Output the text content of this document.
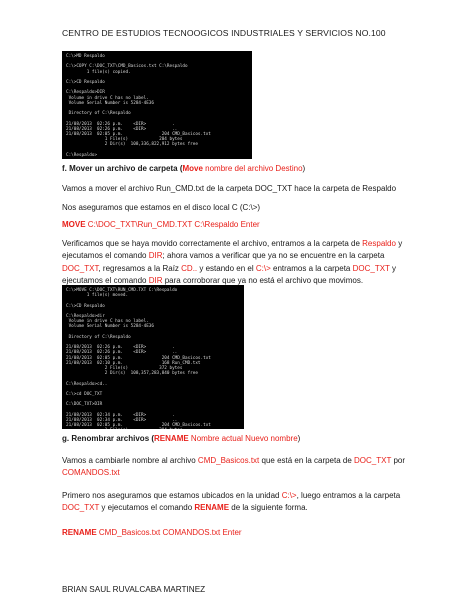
CENTRO DE ESTUDIOS TECNOOGICOS INDUSTRIALES Y SERVICIOS NO.100
C:\>MD Respaldo

C:\>COPY C:\DOC_TXT\CMD_Basicos.txt C:\Respaldo
1 file(s) copied.

C:\>CD Respaldo

C:\Respaldo>DIR
Volume in drive C has no label.
Volume Serial Number is 5284-4E36

Directory of C:\Respaldo

21/08/2013  02:26 p.m.    <DIR>          .
21/08/2013  02:26 p.m.    <DIR>          ..
21/08/2013  02:05 p.m.               204 CMD_Basicos.txt
1 File(s)            204 bytes
2 Dir(s)  108,336,822,912 bytes free

C:\Respaldo>
f. Mover un archivo de carpeta (Move nombre del archivo Destino)
Vamos a mover el archivo Run_CMD.txt de la carpeta DOC_TXT hace la carpeta de Respaldo
Nos aseguramos que estamos en el disco local C (C:\>)
MOVE C:\DOC_TXT\Run_CMD.TXT C:\Respaldo Enter
Verificamos que se haya movido correctamente el archivo, entramos a la carpeta de Respaldo y ejecutamos el comando DIR; ahora vamos a verificar que ya no se encuentre en la carpeta DOC_TXT, regresamos a la Raíz CD.. y estando en el C:\> entramos a la carpeta DOC_TXT y ejecutamos el comando DIR para corroborar que ya no está el archivo que movimos.
C:\>MOVE C:\DOC_TXT\RUN_CMD.TXT C:\Respaldo
1 file(s) moved.

C:\>CD Respaldo

C:\Respaldo>dir
Volume in drive C has no label.
Volume Serial Number is 5284-4E36

Directory of C:\Respaldo

21/08/2013  02:26 p.m.    <DIR>          .
21/08/2013  02:26 p.m.    <DIR>          ..
21/08/2013  02:05 p.m.               204 CMD_Basicos.txt
21/08/2013  02:10 p.m.               168 Run_CMD.txt
2 File(s)            372 bytes
2 Dir(s)  108,357,283,840 bytes free

C:\Respaldo>cd..

C:\>cd DOC_TXT

C:\DOC_TXT>DIR

21/08/2013  02:34 p.m.    <DIR>          .
21/08/2013  02:34 p.m.    <DIR>          ..
21/08/2013  02:05 p.m.               204 CMD_Basicos.txt

g. Renombrar archivos (RENAME Nombre actual Nuevo nombre)
Vamos a cambiarle nombre al archivo CMD_Basicos.txt que está en la carpeta de DOC_TXT por COMANDOS.txt
Primero nos aseguramos que estamos ubicados en la unidad C:\>, luego entramos a la carpeta DOC_TXT y ejecutamos el comando RENAME de la siguiente forma.
RENAME CMD_Basicos.txt COMANDOS.txt Enter
BRIAN SAUL RUVALCABA MARTINEZ
